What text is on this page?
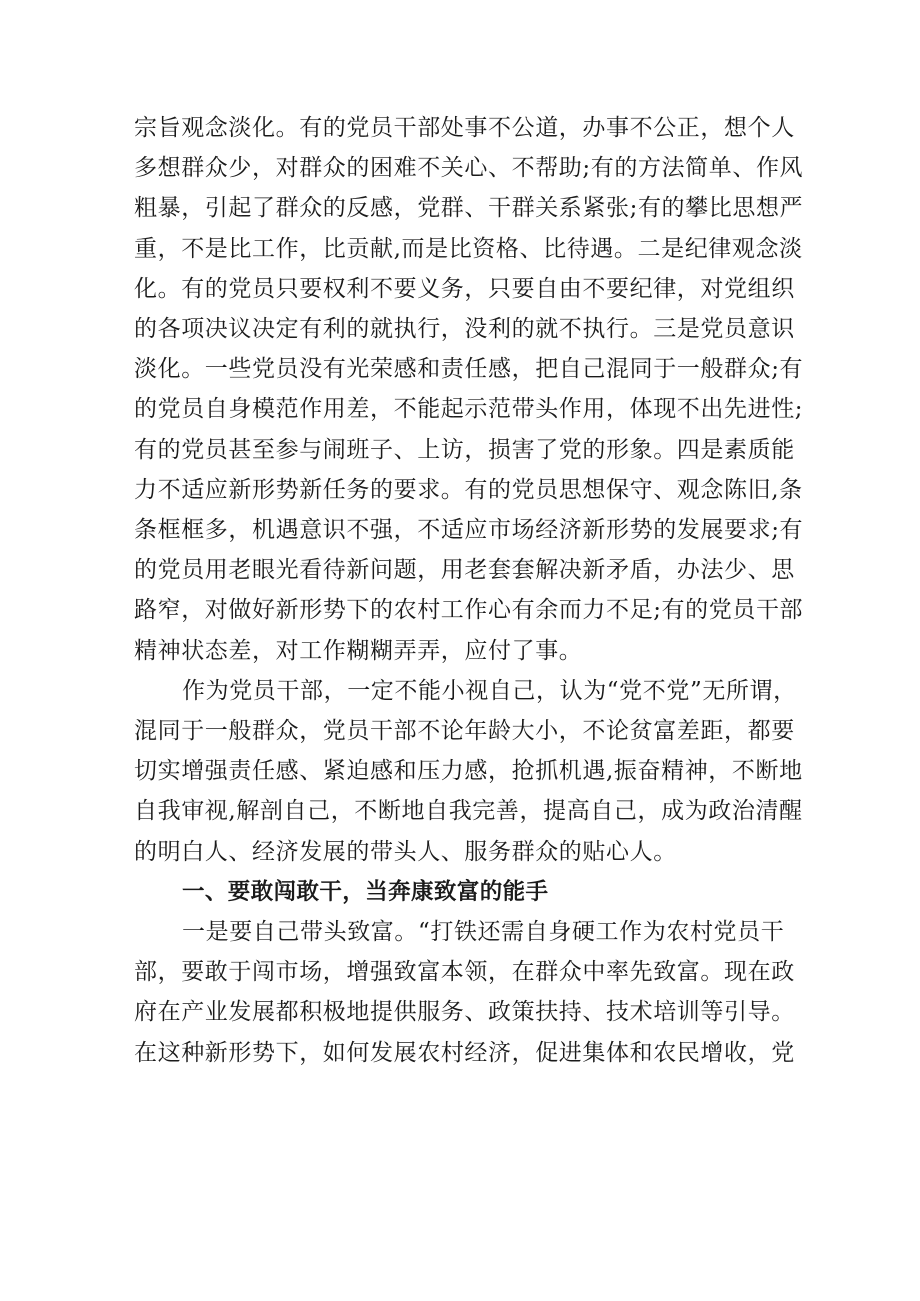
宗旨观念淡化。有的党员干部处事不公道，办事不公正，想个人

多想群众少，对群众的困难不关心、不帮助;有的方法简单、作风

粗暴，引起了群众的反感，党群、干群关系紧张;有的攀比思想严

重，不是比工作，比贡献,而是比资格、比待遇。二是纪律观念淡

化。有的党员只要权利不要义务，只要自由不要纪律，对党组织

的各项决议决定有利的就执行，没利的就不执行。三是党员意识

淡化。一些党员没有光荣感和责任感，把自己混同于一般群众;有

的党员自身模范作用差，不能起示范带头作用，体现不出先进性;

有的党员甚至参与闹班子、上访，损害了党的形象。四是素质能

力不适应新形势新任务的要求。有的党员思想保守、观念陈旧,条

条框框多，机遇意识不强，不适应市场经济新形势的发展要求;有

的党员用老眼光看待新问题，用老套套解决新矛盾，办法少、思

路窄，对做好新形势下的农村工作心有余而力不足;有的党员干部

精神状态差，对工作糊糊弄弄，应付了事。

作为党员干部，一定不能小视自己，认为“党不党”无所谓，

混同于一般群众，党员干部不论年龄大小，不论贫富差距，都要

切实增强责任感、紧迫感和压力感，抢抓机遇,振奋精神，不断地

自我审视,解剖自己，不断地自我完善，提高自己，成为政治清醒

的明白人、经济发展的带头人、服务群众的贴心人。

一、要敢闯敢干，当奔康致富的能手

一是要自己带头致富。“打铁还需自身硬工作为农村党员干

部，要敢于闯市场，增强致富本领，在群众中率先致富。现在政

府在产业发展都积极地提供服务、政策扶持、技术培训等引导。

在这种新形势下，如何发展农村经济，促进集体和农民增收，党
